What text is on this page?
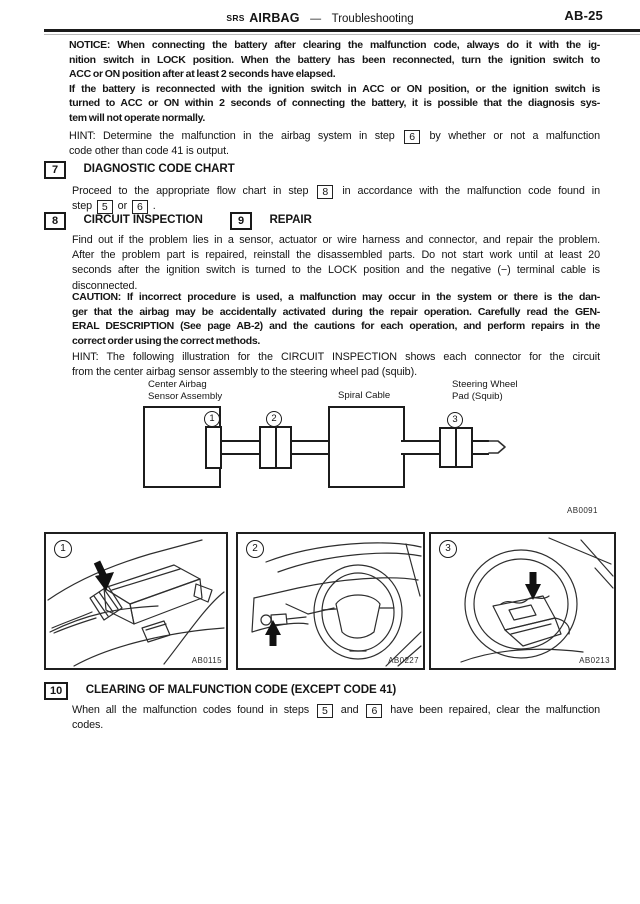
SRS AIRBAG — Troubleshooting	AB-25
NOTICE: When connecting the battery after clearing the malfunction code, always do it with the ig-
nition switch in LOCK position. When the battery has been reconnected, turn the ignition switch to
ACC or ON position after at least 2 seconds have elapsed.
If the battery is reconnected with the ignition switch in ACC or ON position, or the ignition switch is
turned to ACC or ON within 2 seconds of connecting the battery, it is possible that the diagnosis sys-
tem will not operate normally.
HINT: Determine the malfunction in the airbag system in step 6 by whether or not a malfunction
code other than code 41 is output.
7 DIAGNOSTIC CODE CHART
Proceed to the appropriate flow chart in step 8 in accordance with the malfunction code found in
step 5 or 6 .
8 CIRCUIT INSPECTION	9 REPAIR
Find out if the problem lies in a sensor, actuator or wire harness and connector, and repair the problem.
After the problem part is repaired, reinstall the disassembled parts. Do not start work until at least 20
seconds after the ignition switch is turned to the LOCK position and the negative (−) terminal cable is
disconnected.
CAUTION: If incorrect procedure is used, a malfunction may occur in the system or there is the dan-
ger that the airbag may be accidentally activated during the repair operation. Carefully read the GEN-
ERAL DESCRIPTION (See page AB-2) and the cautions for each operation, and perform repairs in the
correct order using the correct methods.
HINT: The following illustration for the CIRCUIT INSPECTION shows each connector for the circuit
from the center airbag sensor assembly to the steering wheel pad (squib).
Center Airbag
Sensor Assembly	Spiral Cable
Steering Wheel
Pad (Squib)
1	2	3
AB0091
1
AB0115
2
AB0227
3
AB0213
10 CLEARING OF MALFUNCTION CODE (EXCEPT CODE 41)
When all the malfunction codes found in steps 5 and 6 have been repaired, clear the malfunction
codes.
